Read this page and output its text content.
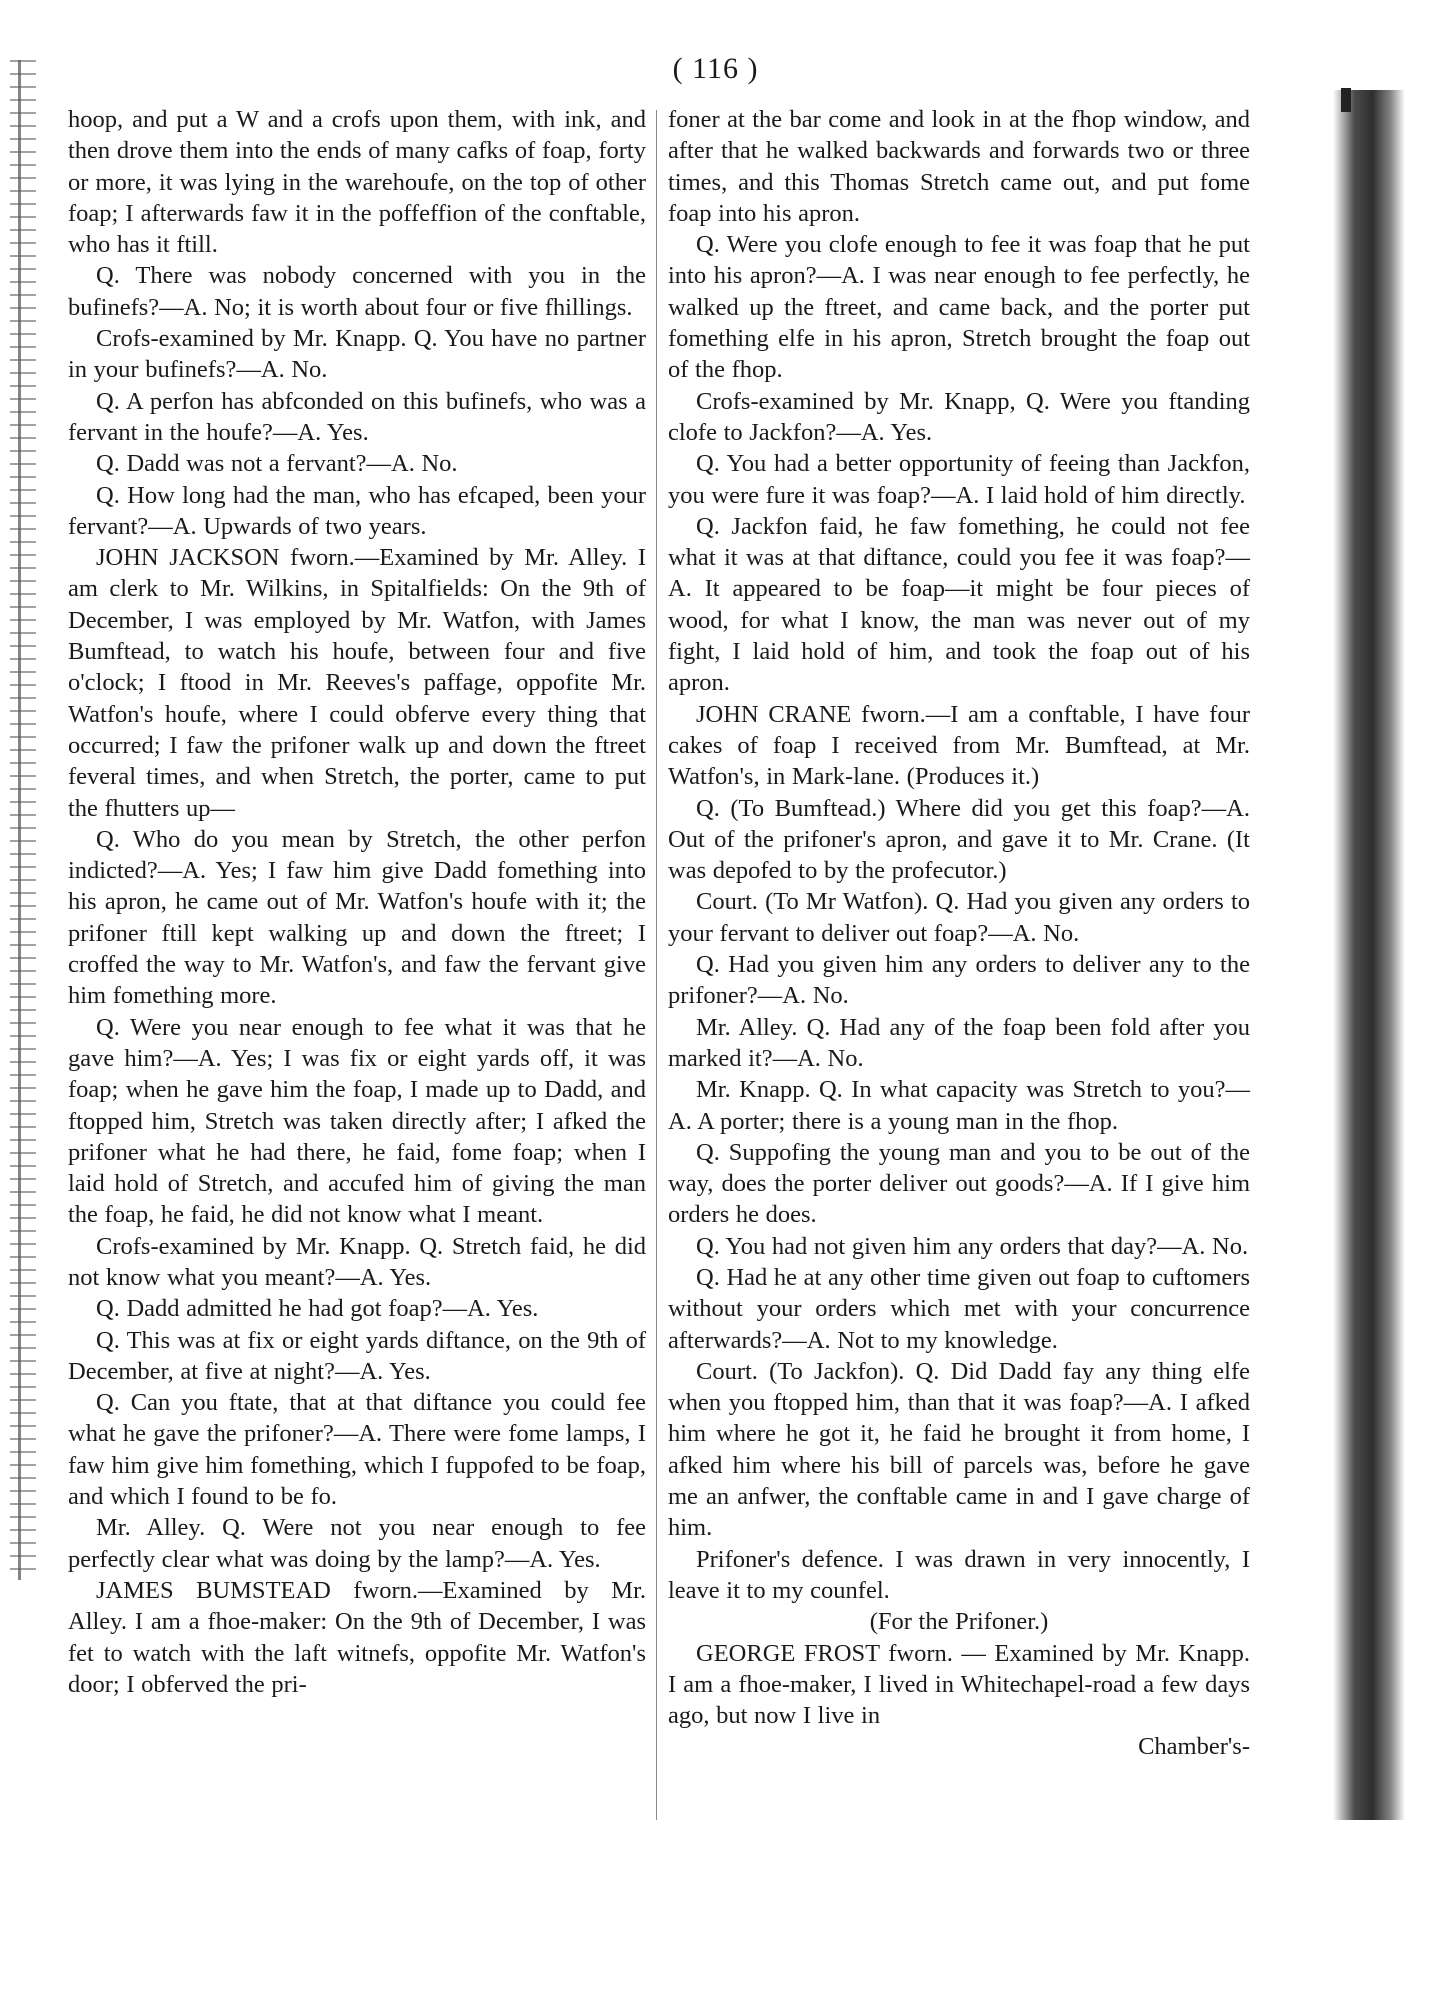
( 116 )

hoop, and put a W and a crofs upon them, with ink, and then drove them into the ends of many cafks of foap, forty or more, it was lying in the warehoufe, on the top of other foap; I afterwards faw it in the poffeffion of the conftable, who has it ftill.

Q. There was nobody concerned with you in the bufinefs?—A. No; it is worth about four or five fhillings.

Crofs-examined by Mr. Knapp. Q. You have no partner in your bufinefs?—A. No.

Q. A perfon has abfconded on this bufinefs, who was a fervant in the houfe?—A. Yes.

Q. Dadd was not a fervant?—A. No.

Q. How long had the man, who has efcaped, been your fervant?—A. Upwards of two years.

JOHN JACKSON fworn.—Examined by Mr. Alley. I am clerk to Mr. Wilkins, in Spitalfields: On the 9th of December, I was employed by Mr. Watfon, with James Bumftead, to watch his houfe, between four and five o'clock; I ftood in Mr. Reeves's paffage, oppofite Mr. Watfon's houfe, where I could obferve every thing that occurred; I faw the prifoner walk up and down the ftreet feveral times, and when Stretch, the porter, came to put the fhutters up—

Q. Who do you mean by Stretch, the other perfon indicted?—A. Yes; I faw him give Dadd fomething into his apron, he came out of Mr. Watfon's houfe with it; the prifoner ftill kept walking up and down the ftreet; I croffed the way to Mr. Watfon's, and faw the fervant give him fomething more.

Q. Were you near enough to fee what it was that he gave him?—A. Yes; I was fix or eight yards off, it was foap; when he gave him the foap, I made up to Dadd, and ftopped him, Stretch was taken directly after; I afked the prifoner what he had there, he faid, fome foap; when I laid hold of Stretch, and accufed him of giving the man the foap, he faid, he did not know what I meant.

Crofs-examined by Mr. Knapp. Q. Stretch faid, he did not know what you meant?—A. Yes.

Q. Dadd admitted he had got foap?—A. Yes.

Q. This was at fix or eight yards diftance, on the 9th of December, at five at night?—A. Yes.

Q. Can you ftate, that at that diftance you could fee what he gave the prifoner?—A. There were fome lamps, I faw him give him fomething, which I fuppofed to be foap, and which I found to be fo.

Mr. Alley. Q. Were not you near enough to fee perfectly clear what was doing by the lamp?—A. Yes.

JAMES BUMSTEAD fworn.—Examined by Mr. Alley. I am a fhoe-maker: On the 9th of December, I was fet to watch with the laft witnefs, oppofite Mr. Watfon's door; I obferved the pri-

foner at the bar come and look in at the fhop window, and after that he walked backwards and forwards two or three times, and this Thomas Stretch came out, and put fome foap into his apron.

Q. Were you clofe enough to fee it was foap that he put into his apron?—A. I was near enough to fee perfectly, he walked up the ftreet, and came back, and the porter put fomething elfe in his apron, Stretch brought the foap out of the fhop.

Crofs-examined by Mr. Knapp, Q. Were you ftanding clofe to Jackfon?—A. Yes.

Q. You had a better opportunity of feeing than Jackfon, you were fure it was foap?—A. I laid hold of him directly.

Q. Jackfon faid, he faw fomething, he could not fee what it was at that diftance, could you fee it was foap?—A. It appeared to be foap—it might be four pieces of wood, for what I know, the man was never out of my fight, I laid hold of him, and took the foap out of his apron.

JOHN CRANE fworn.—I am a conftable, I have four cakes of foap I received from Mr. Bumftead, at Mr. Watfon's, in Mark-lane. (Produces it.)

Q. (To Bumftead.) Where did you get this foap?—A. Out of the prifoner's apron, and gave it to Mr. Crane. (It was depofed to by the profecutor.)

Court. (To Mr Watfon). Q. Had you given any orders to your fervant to deliver out foap?—A. No.

Q. Had you given him any orders to deliver any to the prifoner?—A. No.

Mr. Alley. Q. Had any of the foap been fold after you marked it?—A. No.

Mr. Knapp. Q. In what capacity was Stretch to you?—A. A porter; there is a young man in the fhop.

Q. Suppofing the young man and you to be out of the way, does the porter deliver out goods?—A. If I give him orders he does.

Q. You had not given him any orders that day?—A. No.

Q. Had he at any other time given out foap to cuftomers without your orders which met with your concurrence afterwards?—A. Not to my knowledge.

Court. (To Jackfon). Q. Did Dadd fay any thing elfe when you ftopped him, than that it was foap?—A. I afked him where he got it, he faid he brought it from home, I afked him where his bill of parcels was, before he gave me an anfwer, the conftable came in and I gave charge of him.

Prifoner's defence. I was drawn in very innocently, I leave it to my counfel.

(For the Prifoner.)

GEORGE FROST fworn. — Examined by Mr. Knapp. I am a fhoe-maker, I lived in Whitechapel-road a few days ago, but now I live in

Chamber's-
